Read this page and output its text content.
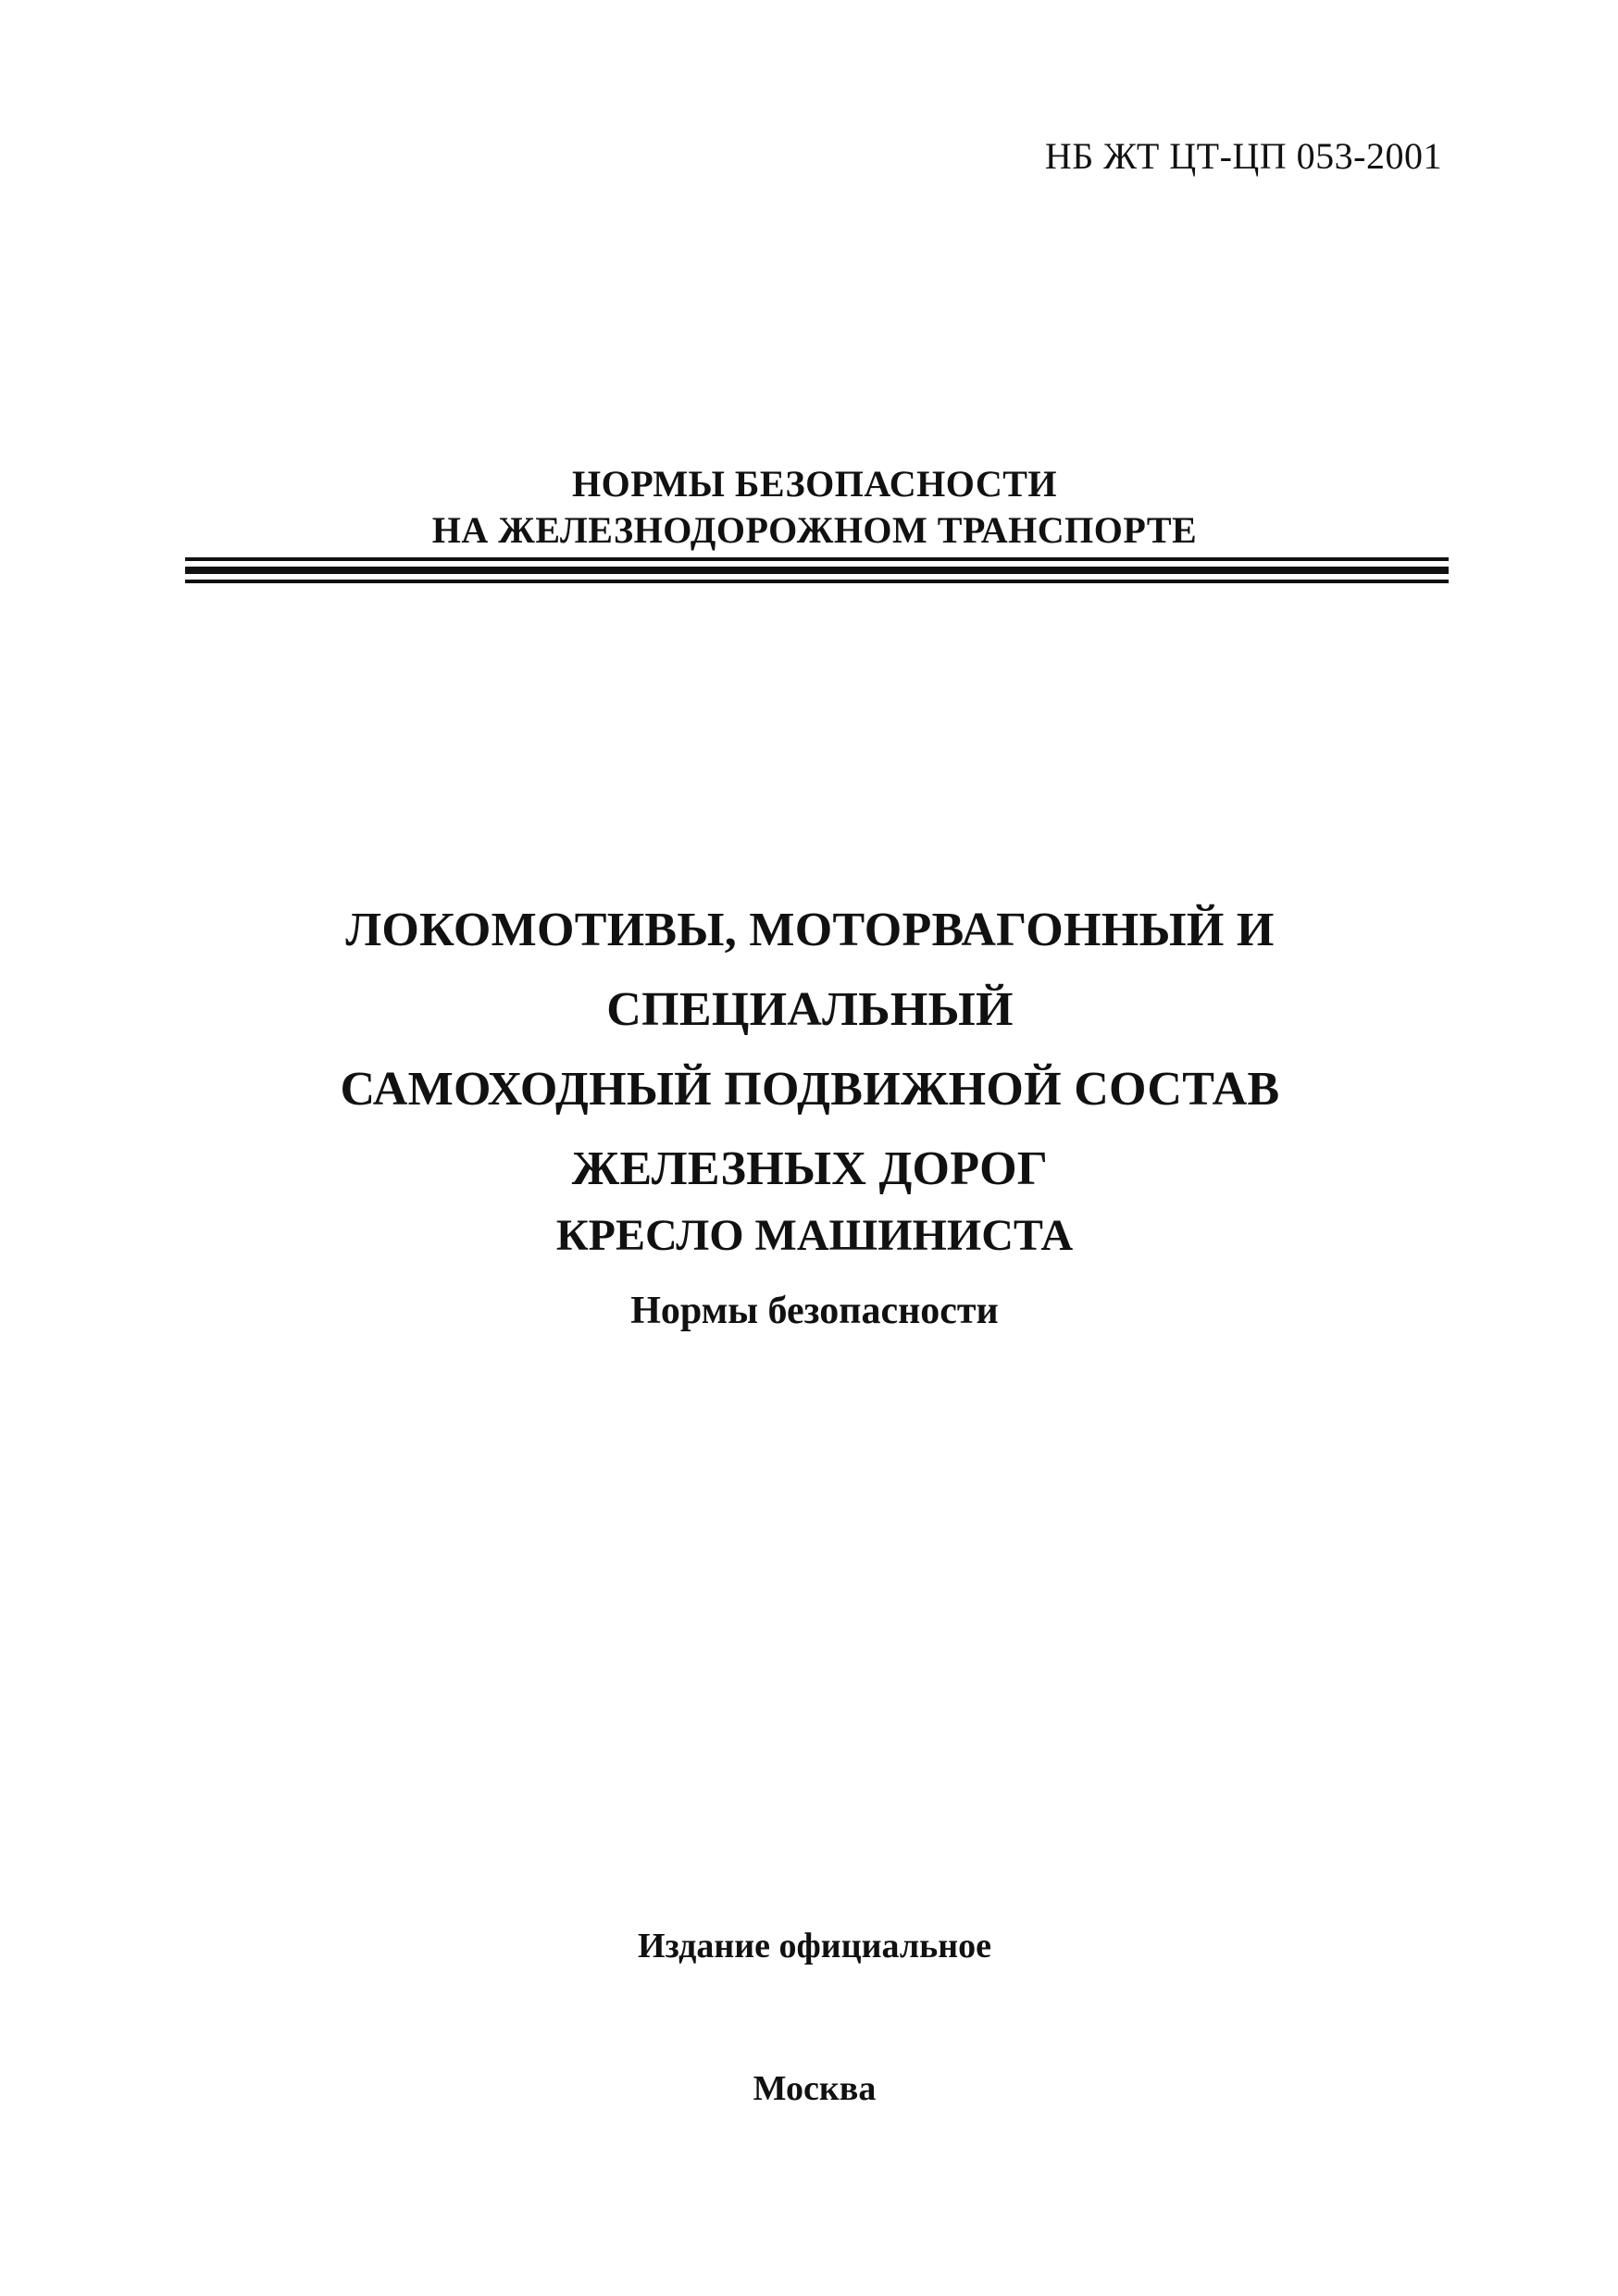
НБ ЖТ ЦТ-ЦП 053-2001
НОРМЫ БЕЗОПАСНОСТИ
НА ЖЕЛЕЗНОДОРОЖНОМ ТРАНСПОРТЕ
ЛОКОМОТИВЫ, МОТОРВАГОННЫЙ И СПЕЦИАЛЬНЫЙ
САМОХОДНЫЙ ПОДВИЖНОЙ СОСТАВ
ЖЕЛЕЗНЫХ ДОРОГ
КРЕСЛО МАШИНИСТА
Нормы безопасности
Издание официальное
Москва
